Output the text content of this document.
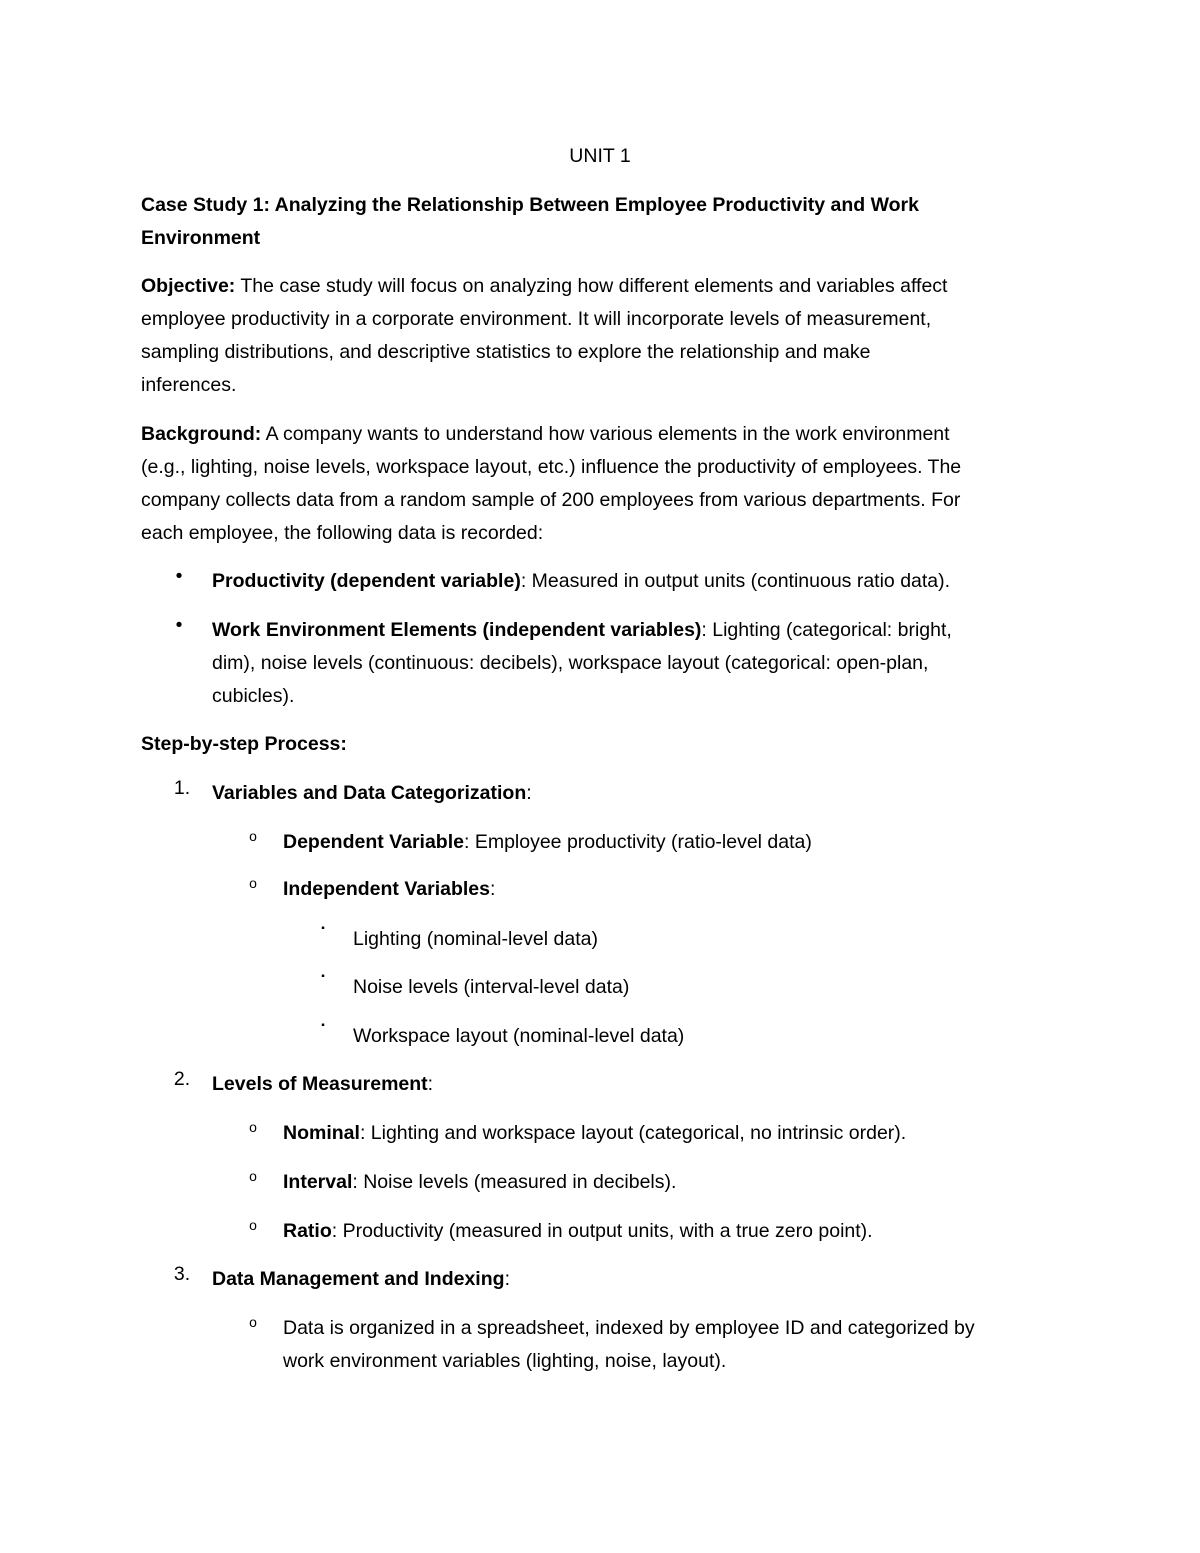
UNIT 1
Case Study 1: Analyzing the Relationship Between Employee Productivity and Work
Environment
Objective: The case study will focus on analyzing how different elements and variables affect
employee productivity in a corporate environment. It will incorporate levels of measurement,
sampling distributions, and descriptive statistics to explore the relationship and make
inferences.
Background: A company wants to understand how various elements in the work environment
(e.g., lighting, noise levels, workspace layout, etc.) influence the productivity of employees. The
company collects data from a random sample of 200 employees from various departments. For
each employee, the following data is recorded:
•	Productivity (dependent variable): Measured in output units (continuous ratio data).
•	Work Environment Elements (independent variables): Lighting (categorical: bright,
dim), noise levels (continuous: decibels), workspace layout (categorical: open-plan,
cubicles).
Step-by-step Process:
1. Variables and Data Categorization:
o	Dependent Variable: Employee productivity (ratio-level data)
o	Independent Variables:
▪	Lighting (nominal-level data)
▪	Noise levels (interval-level data)
▪	Workspace layout (nominal-level data)
2. Levels of Measurement:
o	Nominal: Lighting and workspace layout (categorical, no intrinsic order).
o	Interval: Noise levels (measured in decibels).
o	Ratio: Productivity (measured in output units, with a true zero point).
3. Data Management and Indexing:
o	Data is organized in a spreadsheet, indexed by employee ID and categorized by
work environment variables (lighting, noise, layout).
